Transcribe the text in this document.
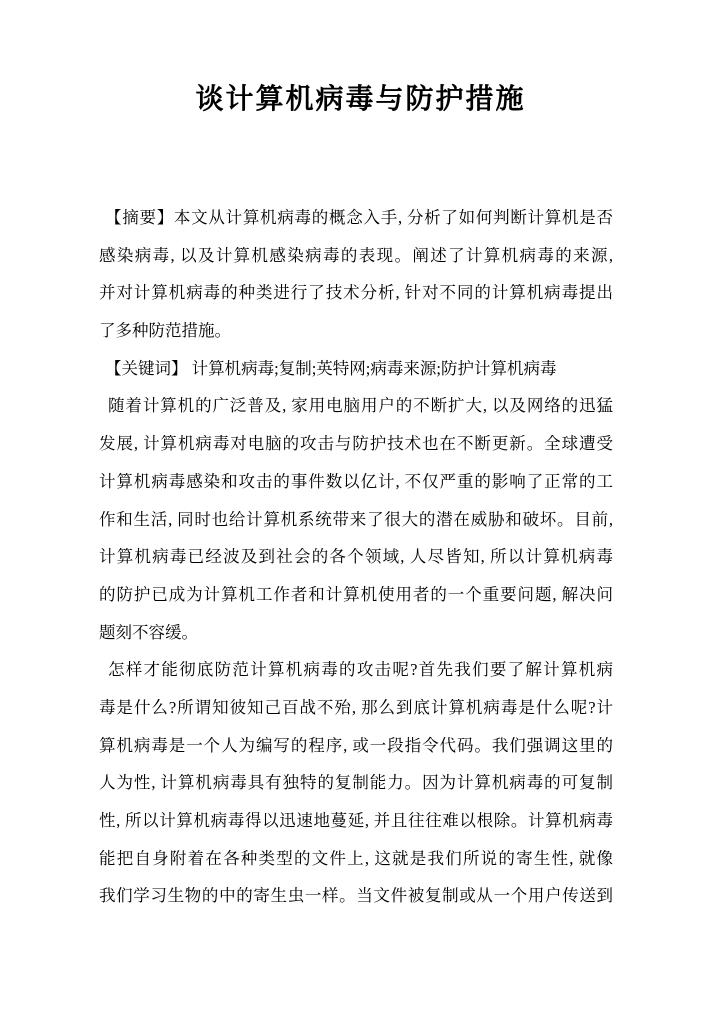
谈计算机病毒与防护措施
【摘要】本文从计算机病毒的概念入手, 分析了如何判断计算机是否
感染病毒, 以及计算机感染病毒的表现。阐述了计算机病毒的来源,
并对计算机病毒的种类进行了技术分析, 针对不同的计算机病毒提出
了多种防范措施。
【关键词】 计算机病毒;复制;英特网;病毒来源;防护计算机病毒
随着计算机的广泛普及, 家用电脑用户的不断扩大, 以及网络的迅猛
发展, 计算机病毒对电脑的攻击与防护技术也在不断更新。全球遭受
计算机病毒感染和攻击的事件数以亿计, 不仅严重的影响了正常的工
作和生活, 同时也给计算机系统带来了很大的潜在威胁和破坏。目前,
计算机病毒已经波及到社会的各个领域, 人尽皆知, 所以计算机病毒
的防护已成为计算机工作者和计算机使用者的一个重要问题, 解决问
题刻不容缓。
怎样才能彻底防范计算机病毒的攻击呢?首先我们要了解计算机病
毒是什么?所谓知彼知己百战不殆, 那么到底计算机病毒是什么呢?计
算机病毒是一个人为编写的程序, 或一段指令代码。我们强调这里的
人为性, 计算机病毒具有独特的复制能力。因为计算机病毒的可复制
性, 所以计算机病毒得以迅速地蔓延, 并且往往难以根除。计算机病毒
能把自身附着在各种类型的文件上, 这就是我们所说的寄生性, 就像
我们学习生物的中的寄生虫一样。当文件被复制或从一个用户传送到
